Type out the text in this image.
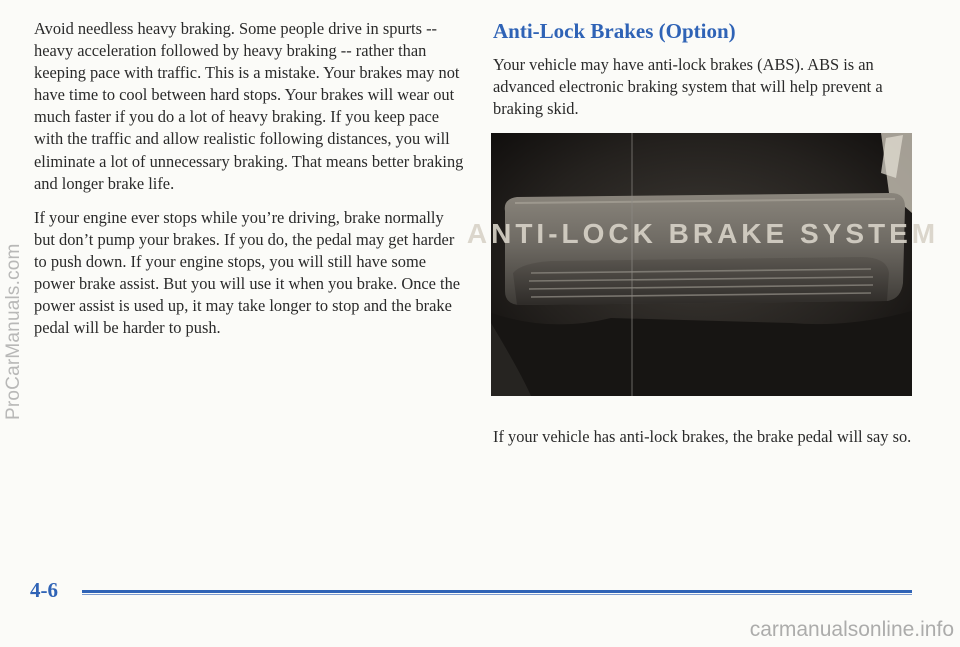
Avoid needless heavy braking. Some people drive in spurts -- heavy acceleration followed by heavy braking -- rather than keeping pace with traffic. This is a mistake. Your brakes may not have time to cool between hard stops. Your brakes will wear out much faster if you do a lot of heavy braking. If you keep pace with the traffic and allow realistic following distances, you will eliminate a lot of unnecessary braking. That means better braking and longer brake life.

If your engine ever stops while you’re driving, brake normally but don’t pump your brakes. If you do, the pedal may get harder to push down. If your engine stops, you will still have some power brake assist. But you will use it when you brake. Once the power assist is used up, it may take longer to stop and the brake pedal will be harder to push.

Anti-Lock Brakes (Option)

Your vehicle may have anti-lock brakes (ABS). ABS is an advanced electronic braking system that will help prevent a braking skid.

ANTI-LOCK BRAKE SYSTEM

If your vehicle has anti-lock brakes, the brake pedal will say so.

4-6
ProCarManuals.com
carmanualsonline.info
